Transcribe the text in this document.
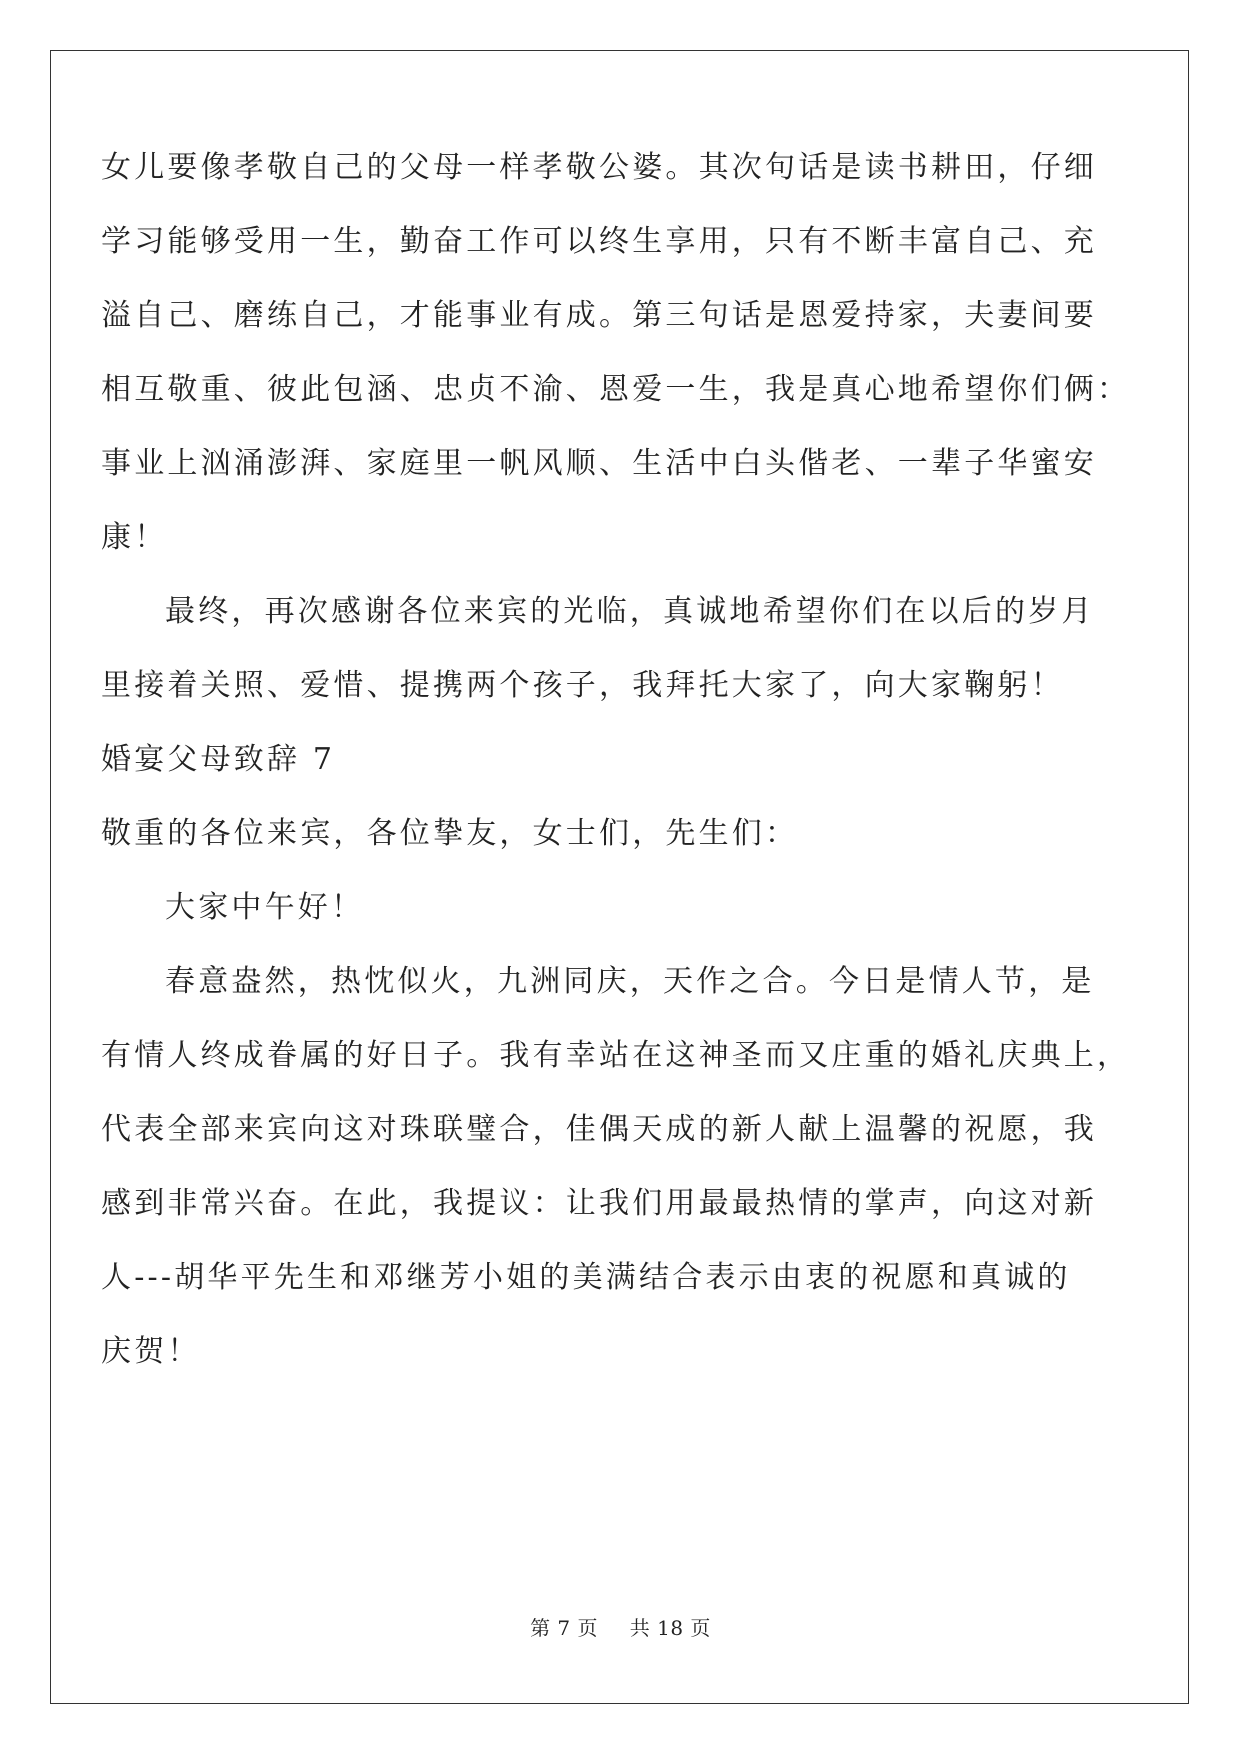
女儿要像孝敬自己的父母一样孝敬公婆。其次句话是读书耕田，仔细
学习能够受用一生，勤奋工作可以终生享用，只有不断丰富自己、充
溢自己、磨练自己，才能事业有成。第三句话是恩爱持家，夫妻间要
相互敬重、彼此包涵、忠贞不渝、恩爱一生，我是真心地希望你们俩：
事业上汹涌澎湃、家庭里一帆风顺、生活中白头偕老、一辈子华蜜安
康！
最终，再次感谢各位来宾的光临，真诚地希望你们在以后的岁月
里接着关照、爱惜、提携两个孩子，我拜托大家了，向大家鞠躬！
婚宴父母致辞 7
敬重的各位来宾，各位挚友，女士们，先生们：
大家中午好！
春意盎然，热忱似火，九洲同庆，天作之合。今日是情人节，是
有情人终成眷属的好日子。我有幸站在这神圣而又庄重的婚礼庆典上，
代表全部来宾向这对珠联璧合，佳偶天成的新人献上温馨的祝愿，我
感到非常兴奋。在此，我提议：让我们用最最热情的掌声，向这对新
人---胡华平先生和邓继芳小姐的美满结合表示由衷的祝愿和真诚的
庆贺！
第 7 页 共 18 页
